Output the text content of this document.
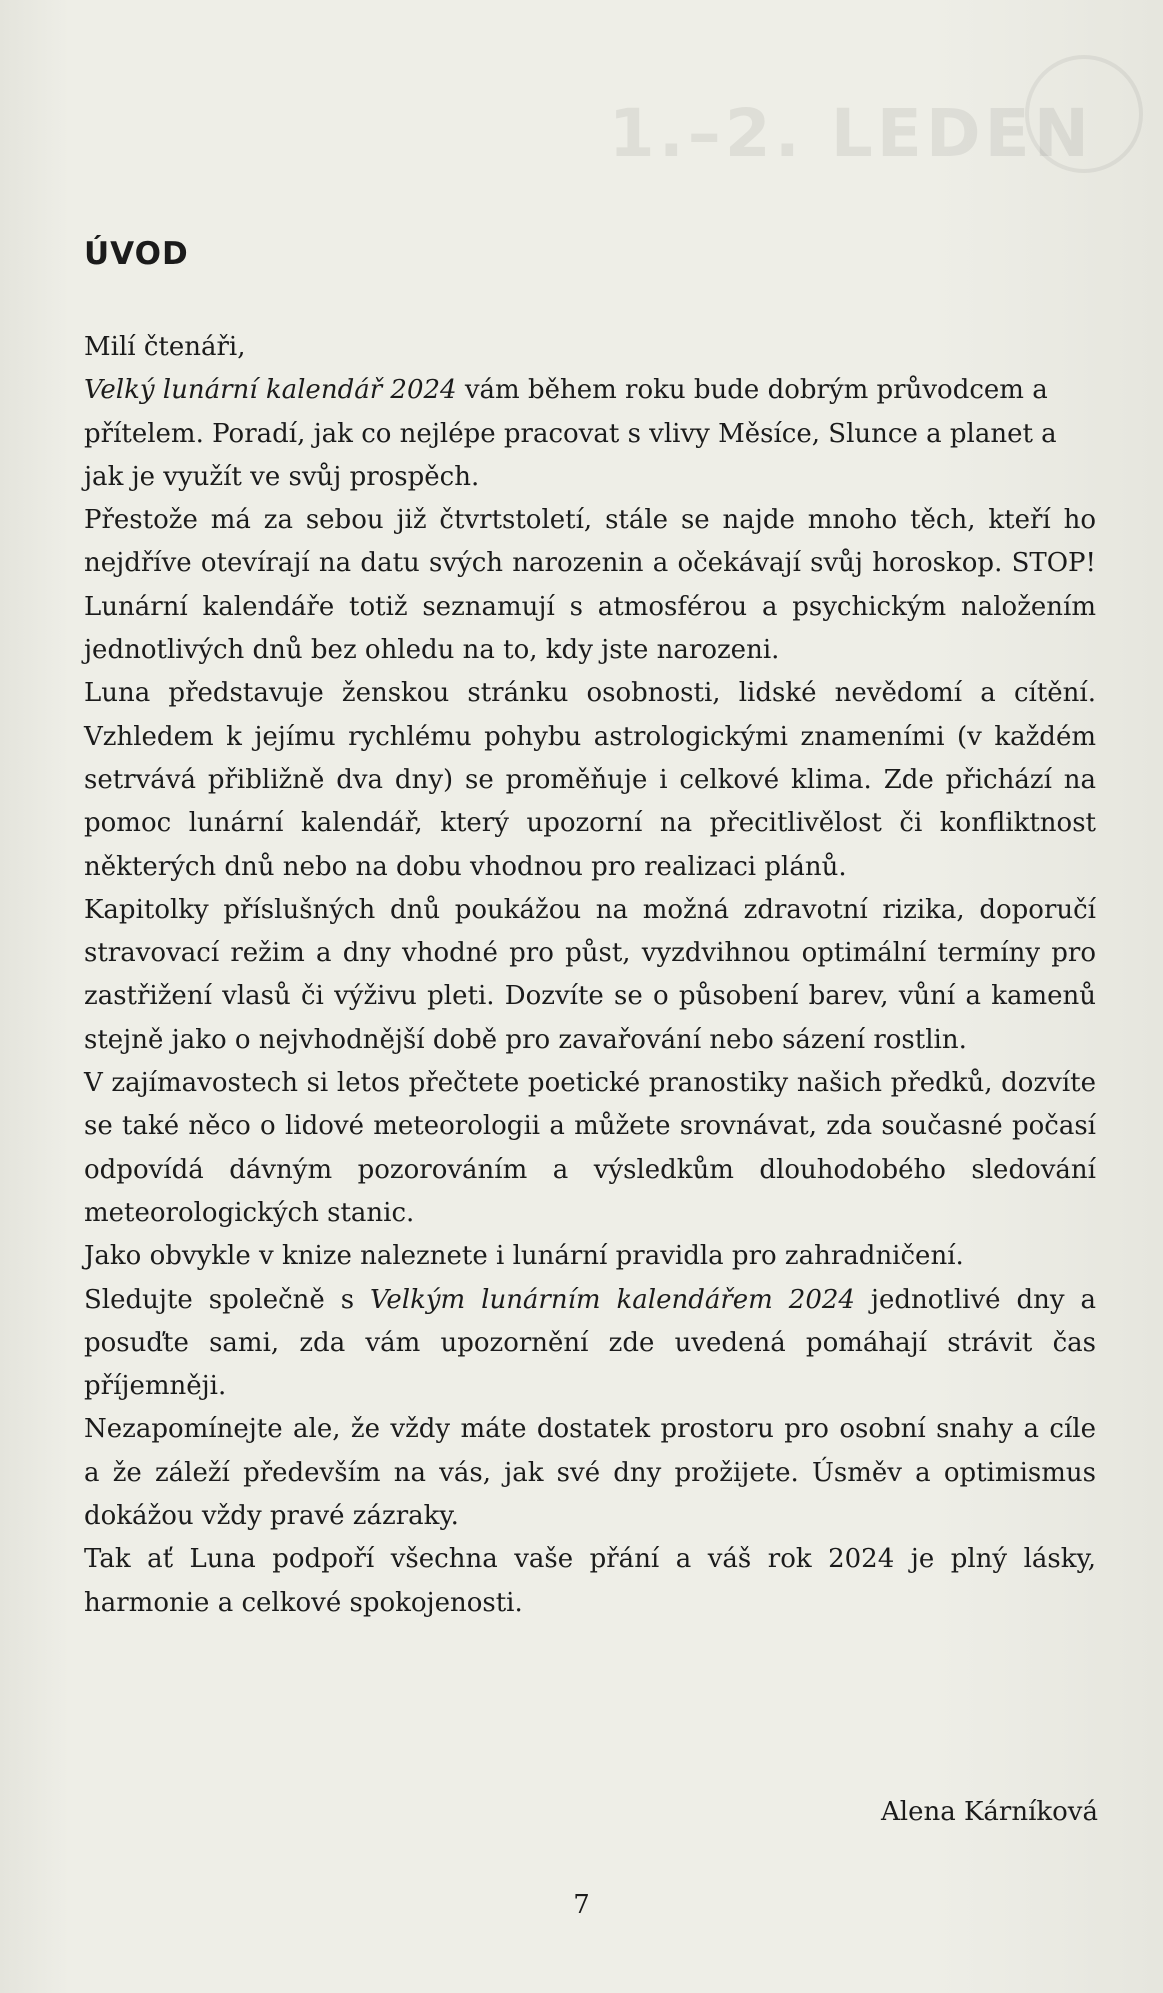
1.–2. LEDEN
ÚVOD

Milí čtenáři,

Velký lunární kalendář 2024 vám během roku bude dobrým průvodcem a přítelem. Poradí, jak co nejlépe pracovat s vlivy Měsíce, Slunce a planet a jak je využít ve svůj prospěch.

Přestože má za sebou již čtvrtstoletí, stále se najde mnoho těch, kteří ho nejdříve otevírají na datu svých narozenin a očekávají svůj horoskop. STOP! Lunární kalendáře totiž seznamují s atmosférou a psychickým naložením jednotlivých dnů bez ohledu na to, kdy jste narozeni.

Luna představuje ženskou stránku osobnosti, lidské nevědomí a cítění. Vzhledem k jejímu rychlému pohybu astrologickými znameními (v každém setrvává přibližně dva dny) se proměňuje i celkové klima. Zde přichází na pomoc lunární kalendář, který upozorní na přecitlivělost či konfliktnost některých dnů nebo na dobu vhodnou pro realizaci plánů.

Kapitolky příslušných dnů poukážou na možná zdravotní rizika, doporučí stravovací režim a dny vhodné pro půst, vyzdvihnou optimální termíny pro zastřižení vlasů či výživu pleti. Dozvíte se o působení barev, vůní a kamenů stejně jako o nejvhodnější době pro zavařování nebo sázení rostlin.

V zajímavostech si letos přečtete poetické pranostiky našich předků, dozvíte se také něco o lidové meteorologii a můžete srovnávat, zda současné počasí odpovídá dávným pozorováním a výsledkům dlouhodobého sledování meteorologických stanic.

Jako obvykle v knize naleznete i lunární pravidla pro zahradničení.

Sledujte společně s Velkým lunárním kalendářem 2024 jednotlivé dny a posuďte sami, zda vám upozornění zde uvedená pomáhají strávit čas příjemněji.

Nezapomínejte ale, že vždy máte dostatek prostoru pro osobní snahy a cíle a že záleží především na vás, jak své dny prožijete. Úsměv a optimismus dokážou vždy pravé zázraky.

Tak ať Luna podpoří všechna vaše přání a váš rok 2024 je plný lásky, harmonie a celkové spokojenosti.

Alena Kárníková

7
